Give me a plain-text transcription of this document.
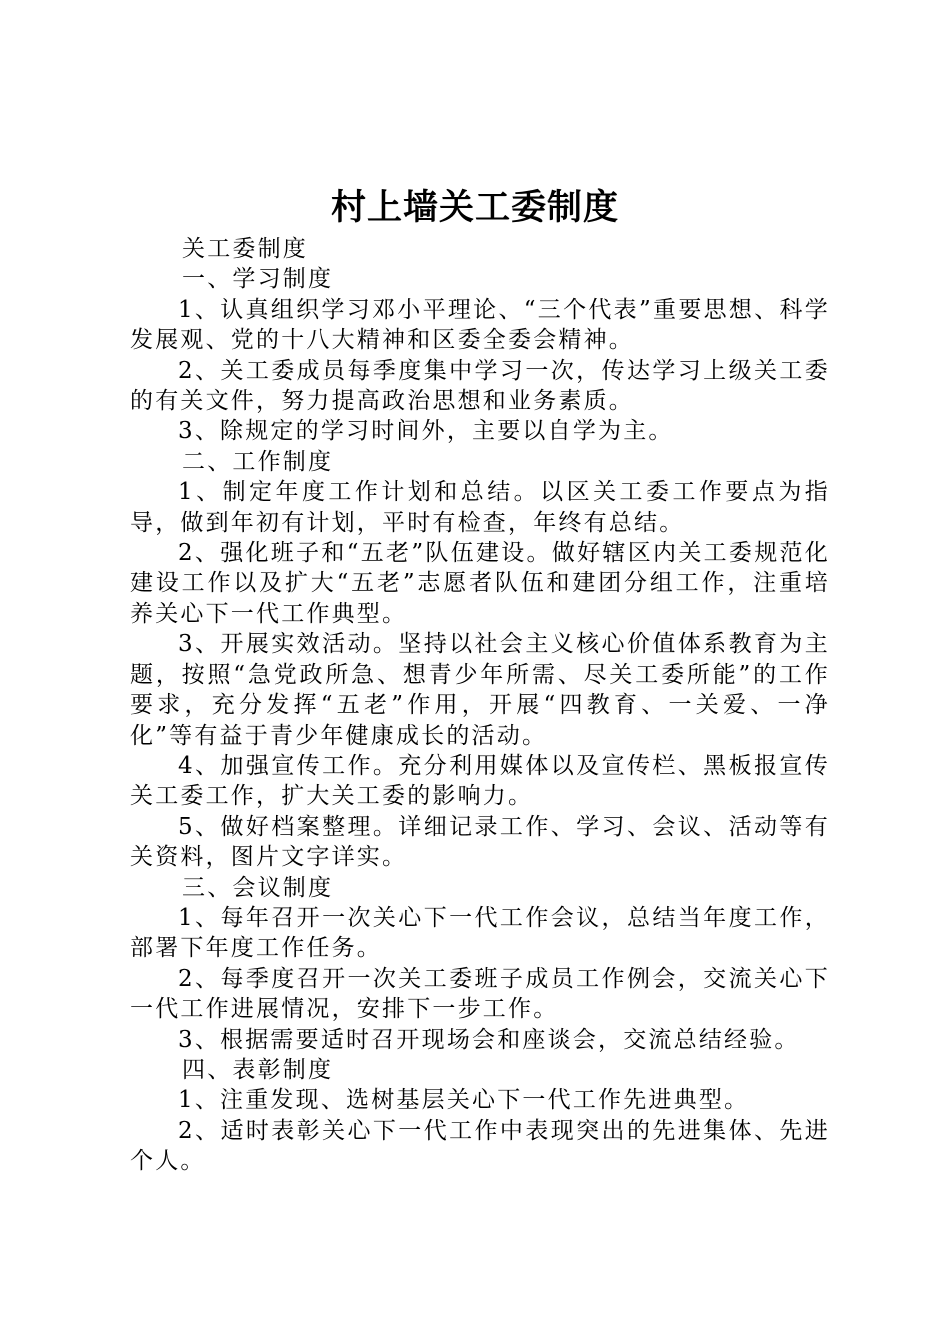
村上墙关工委制度

关工委制度

一、学习制度

1、认真组织学习邓小平理论、“三个代表”重要思想、科学发展观、党的十八大精神和区委全委会精神。

2、关工委成员每季度集中学习一次，传达学习上级关工委的有关文件，努力提高政治思想和业务素质。

3、除规定的学习时间外，主要以自学为主。

二、工作制度

1、制定年度工作计划和总结。以区关工委工作要点为指导，做到年初有计划，平时有检查，年终有总结。

2、强化班子和“五老”队伍建设。做好辖区内关工委规范化建设工作以及扩大“五老”志愿者队伍和建团分组工作，注重培养关心下一代工作典型。

3、开展实效活动。坚持以社会主义核心价值体系教育为主题，按照“急党政所急、想青少年所需、尽关工委所能”的工作要求，充分发挥“五老”作用，开展“四教育、一关爱、一净化”等有益于青少年健康成长的活动。

4、加强宣传工作。充分利用媒体以及宣传栏、黑板报宣传关工委工作，扩大关工委的影响力。

5、做好档案整理。详细记录工作、学习、会议、活动等有关资料，图片文字详实。

三、会议制度

1、每年召开一次关心下一代工作会议，总结当年度工作，部署下年度工作任务。

2、每季度召开一次关工委班子成员工作例会，交流关心下一代工作进展情况，安排下一步工作。

3、根据需要适时召开现场会和座谈会，交流总结经验。

四、表彰制度

1、注重发现、选树基层关心下一代工作先进典型。

2、适时表彰关心下一代工作中表现突出的先进集体、先进个人。
